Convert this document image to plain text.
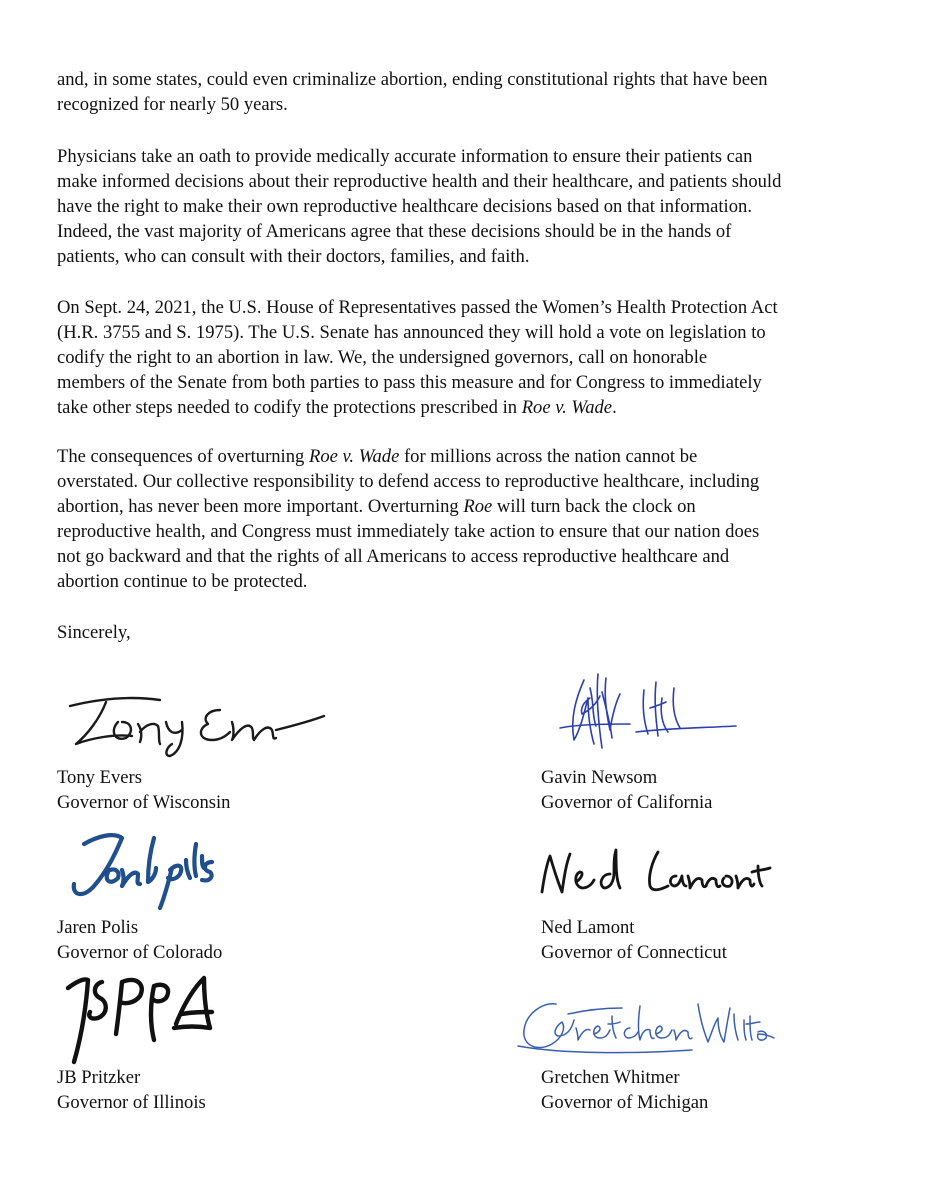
and, in some states, could even criminalize abortion, ending constitutional rights that have been

recognized for nearly 50 years.

Physicians take an oath to provide medically accurate information to ensure their patients can

make informed decisions about their reproductive health and their healthcare, and patients should

have the right to make their own reproductive healthcare decisions based on that information.

Indeed, the vast majority of Americans agree that these decisions should be in the hands of

patients, who can consult with their doctors, families, and faith.

On Sept. 24, 2021, the U.S. House of Representatives passed the Women’s Health Protection Act

(H.R. 3755 and S. 1975). The U.S. Senate has announced they will hold a vote on legislation to

codify the right to an abortion in law. We, the undersigned governors, call on honorable

members of the Senate from both parties to pass this measure and for Congress to immediately

take other steps needed to codify the protections prescribed in Roe v. Wade.

The consequences of overturning Roe v. Wade for millions across the nation cannot be

overstated. Our collective responsibility to defend access to reproductive healthcare, including

abortion, has never been more important. Overturning Roe will turn back the clock on

reproductive health, and Congress must immediately take action to ensure that our nation does

not go backward and that the rights of all Americans to access reproductive healthcare and

abortion continue to be protected.

Sincerely,

Tony Evers
Governor of Wisconsin
Gavin Newsom
Governor of California
Jaren Polis
Governor of Colorado
Ned Lamont
Governor of Connecticut
JB Pritzker
Governor of Illinois
Gretchen Whitmer
Governor of Michigan
